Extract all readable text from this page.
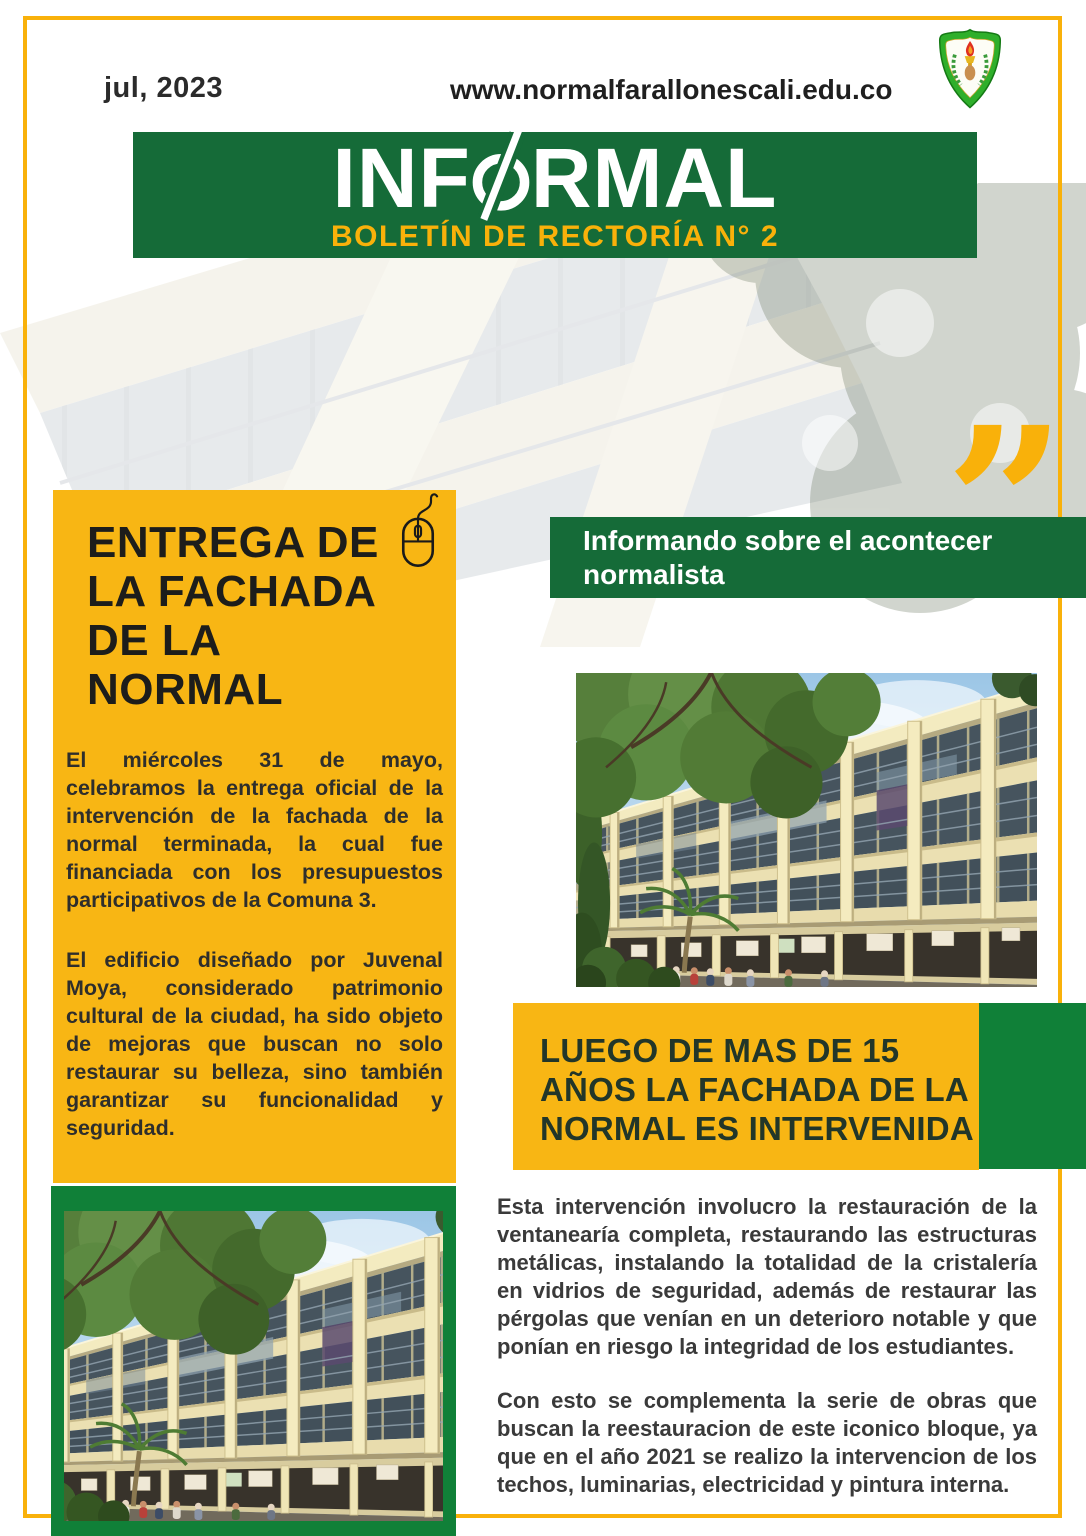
jul, 2023	www.normalfarallonescali.edu.co
INF RMAL
BOLETÍN DE RECTORÍA N° 2
ENTREGA DE LA FACHADA DE LA NORMAL

El miércoles 31 de mayo, celebramos la entrega oficial de la intervención de la fachada de la normal terminada, la cual fue financiada con los presupuestos participativos de la Comuna 3.

El edificio diseñado por Juvenal Moya, considerado patrimonio cultural de la ciudad, ha sido objeto de mejoras que buscan no solo restaurar su belleza, sino también garantizar su funcionalidad y seguridad.

Informando sobre el acontecer normalista	”
LUEGO DE MAS DE 15 AÑOS LA FACHADA DE LA NORMAL ES INTERVENIDA

Esta intervención involucro la restauración de la ventanearía completa, restaurando las estructuras metálicas, instalando la totalidad de la cristalería en vidrios de seguridad, además de restaurar las pérgolas que venían en un deterioro notable y que ponían en riesgo la integridad de los estudiantes.

Con esto se complementa la serie de obras que buscan la reestauracion de este iconico bloque, ya que en el año 2021 se realizo la intervencion de los techos, luminarias, electricidad y pintura interna.
